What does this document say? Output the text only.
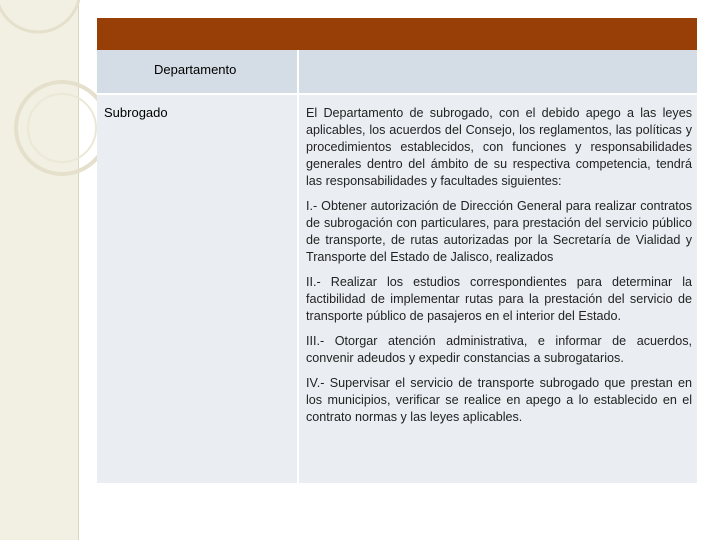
Departamento	

Subrogado	El Departamento de subrogado, con el debido apego a las leyes aplicables, los acuerdos del Consejo, los reglamentos, las políticas y procedimientos establecidos, con funciones y responsabilidades generales dentro del ámbito de su respectiva competencia, tendrá las responsabilidades y facultades siguientes:

I.- Obtener autorización de Dirección General para realizar contratos de subrogación con particulares, para prestación del servicio público de transporte, de rutas autorizadas por la Secretaría de Vialidad y Transporte del Estado de Jalisco, realizados

II.- Realizar los estudios correspondientes para determinar la factibilidad de implementar rutas para la prestación del servicio de transporte público de pasajeros en el interior del Estado.

III.- Otorgar atención administrativa, e informar de acuerdos, convenir adeudos y expedir constancias a subrogatarios.

IV.- Supervisar el servicio de transporte subrogado que prestan en los municipios, verificar se realice en apego a lo establecido en el contrato normas y las leyes aplicables.
